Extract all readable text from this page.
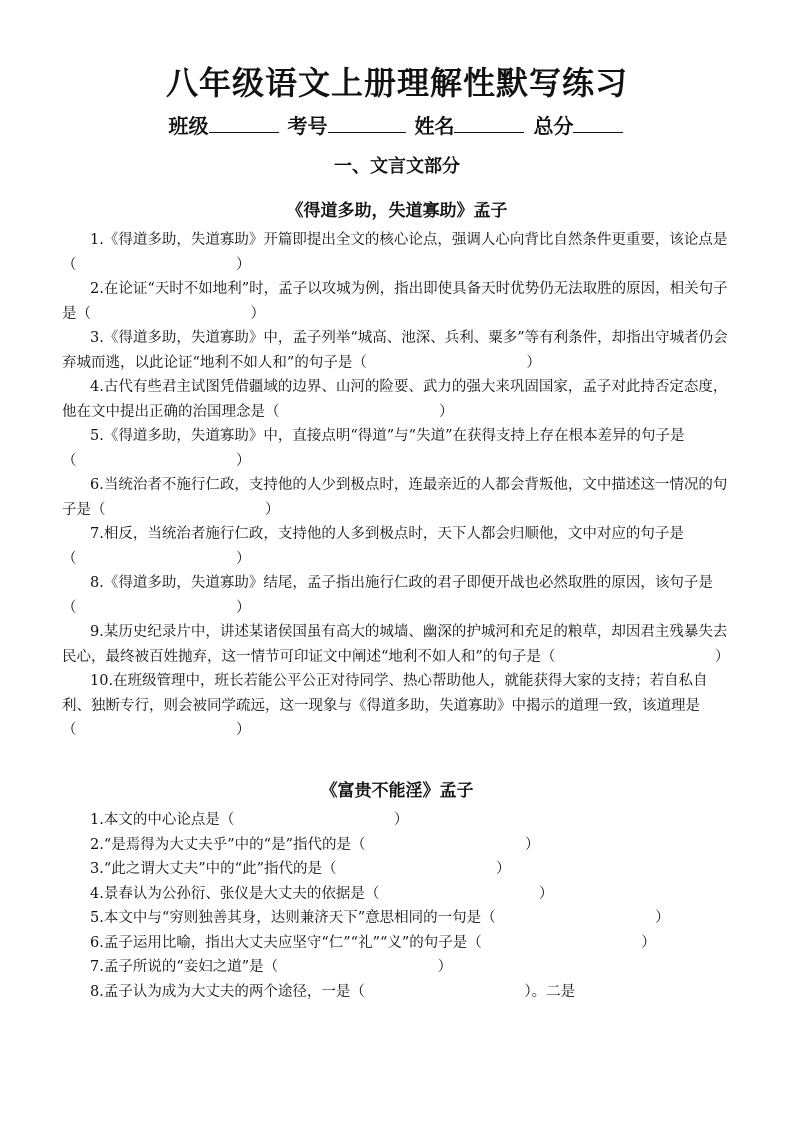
八年级语文上册理解性默写练习
班级	考号	姓名	总分
一、文言文部分
《得道多助，失道寡助》孟子

1.《得道多助，失道寡助》开篇即提出全文的核心论点，强调人心向背比自然条件更重要，该论点是（　　　　　　　　　　　）

2.在论证“天时不如地利”时，孟子以攻城为例，指出即使具备天时优势仍无法取胜的原因，相关句子是（　　　　　　　　　　　）

3.《得道多助，失道寡助》中，孟子列举“城高、池深、兵利、粟多”等有利条件，却指出守城者仍会弃城而逃，以此论证“地利不如人和”的句子是（　　　　　　　　　　　）

4.古代有些君主试图凭借疆域的边界、山河的险要、武力的强大来巩固国家，孟子对此持否定态度，他在文中提出正确的治国理念是（　　　　　　　　　　　）

5.《得道多助，失道寡助》中，直接点明“得道”与“失道”在获得支持上存在根本差异的句子是（　　　　　　　　　　　）

6.当统治者不施行仁政，支持他的人少到极点时，连最亲近的人都会背叛他，文中描述这一情况的句子是（　　　　　　　　　　　）

7.相反，当统治者施行仁政，支持他的人多到极点时，天下人都会归顺他，文中对应的句子是（　　　　　　　　　　　）

8.《得道多助，失道寡助》结尾，孟子指出施行仁政的君子即便开战也必然取胜的原因，该句子是（　　　　　　　　　　　）

9.某历史纪录片中，讲述某诸侯国虽有高大的城墙、幽深的护城河和充足的粮草，却因君主残暴失去民心，最终被百姓抛弃，这一情节可印证文中阐述“地利不如人和”的句子是（　　　　　　　　　　　）

10.在班级管理中，班长若能公平公正对待同学、热心帮助他人，就能获得大家的支持；若自私自利、独断专行，则会被同学疏远，这一现象与《得道多助，失道寡助》中揭示的道理一致，该道理是（　　　　　　　　　　　）

《富贵不能淫》孟子

1.本文的中心论点是（　　　　　　　　　　　）

2.“是焉得为大丈夫乎”中的“是”指代的是（　　　　　　　　　　　）

3.“此之谓大丈夫”中的“此”指代的是（　　　　　　　　　　　）

4.景春认为公孙衍、张仪是大丈夫的依据是（　　　　　　　　　　　）

5.本文中与“穷则独善其身，达则兼济天下”意思相同的一句是（　　　　　　　　　　　）

6.孟子运用比喻，指出大丈夫应坚守“仁”“礼”“义”的句子是（　　　　　　　　　　　）

7.孟子所说的“妾妇之道”是（　　　　　　　　　　　）

8.孟子认为成为大丈夫的两个途径，一是（　　　　　　　　　　　）。二是
